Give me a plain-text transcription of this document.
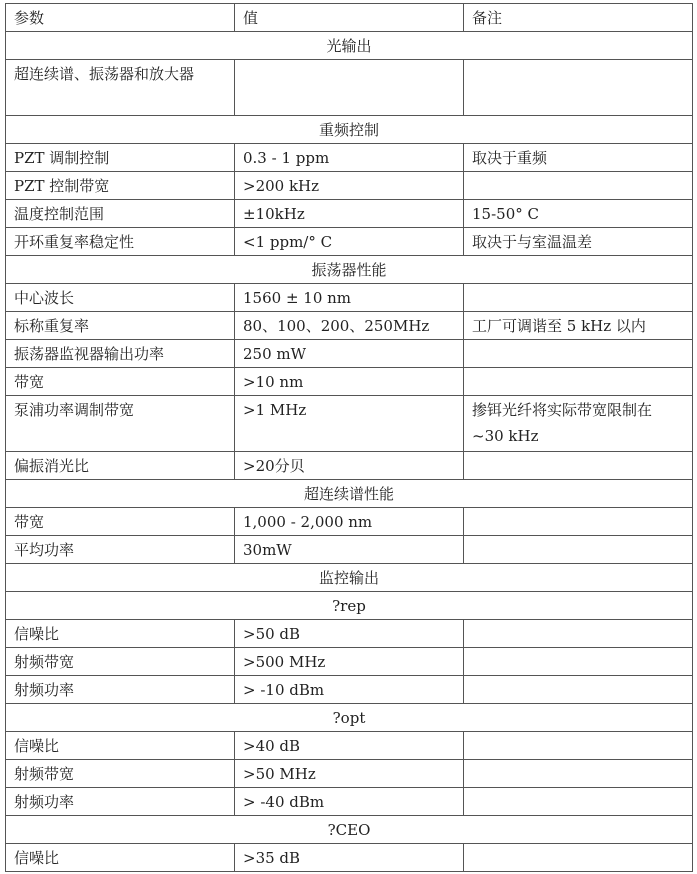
参数	值	备注
光输出		
超连续谱、振荡器和放大器		
重频控制		
PZT 调制控制	0.3 - 1 ppm	取决于重频
PZT 控制带宽	>200 kHz	
温度控制范围	±10kHz	15-50° C
开环重复率稳定性	<1 ppm/° C	取决于与室温温差
振荡器性能		
中心波长	1560 ± 10 nm	
标称重复率	80、100、200、250MHz	工厂可调谐至 5 kHz 以内
振荡器监视器输出功率	250 mW	
带宽	>10 nm	
泵浦功率调制带宽	>1 MHz	掺铒光纤将实际带宽限制在 ~30 kHz
偏振消光比	>20分贝	
超连续谱性能		
带宽	1,000 - 2,000 nm	
平均功率	30mW	
监控输出		
?rep		
信噪比	>50 dB	
射频带宽	>500 MHz	
射频功率	> -10 dBm	
?opt		
信噪比	>40 dB	
射频带宽	>50 MHz	
射频功率	> -40 dBm	
?CEO		
信噪比	>35 dB	
